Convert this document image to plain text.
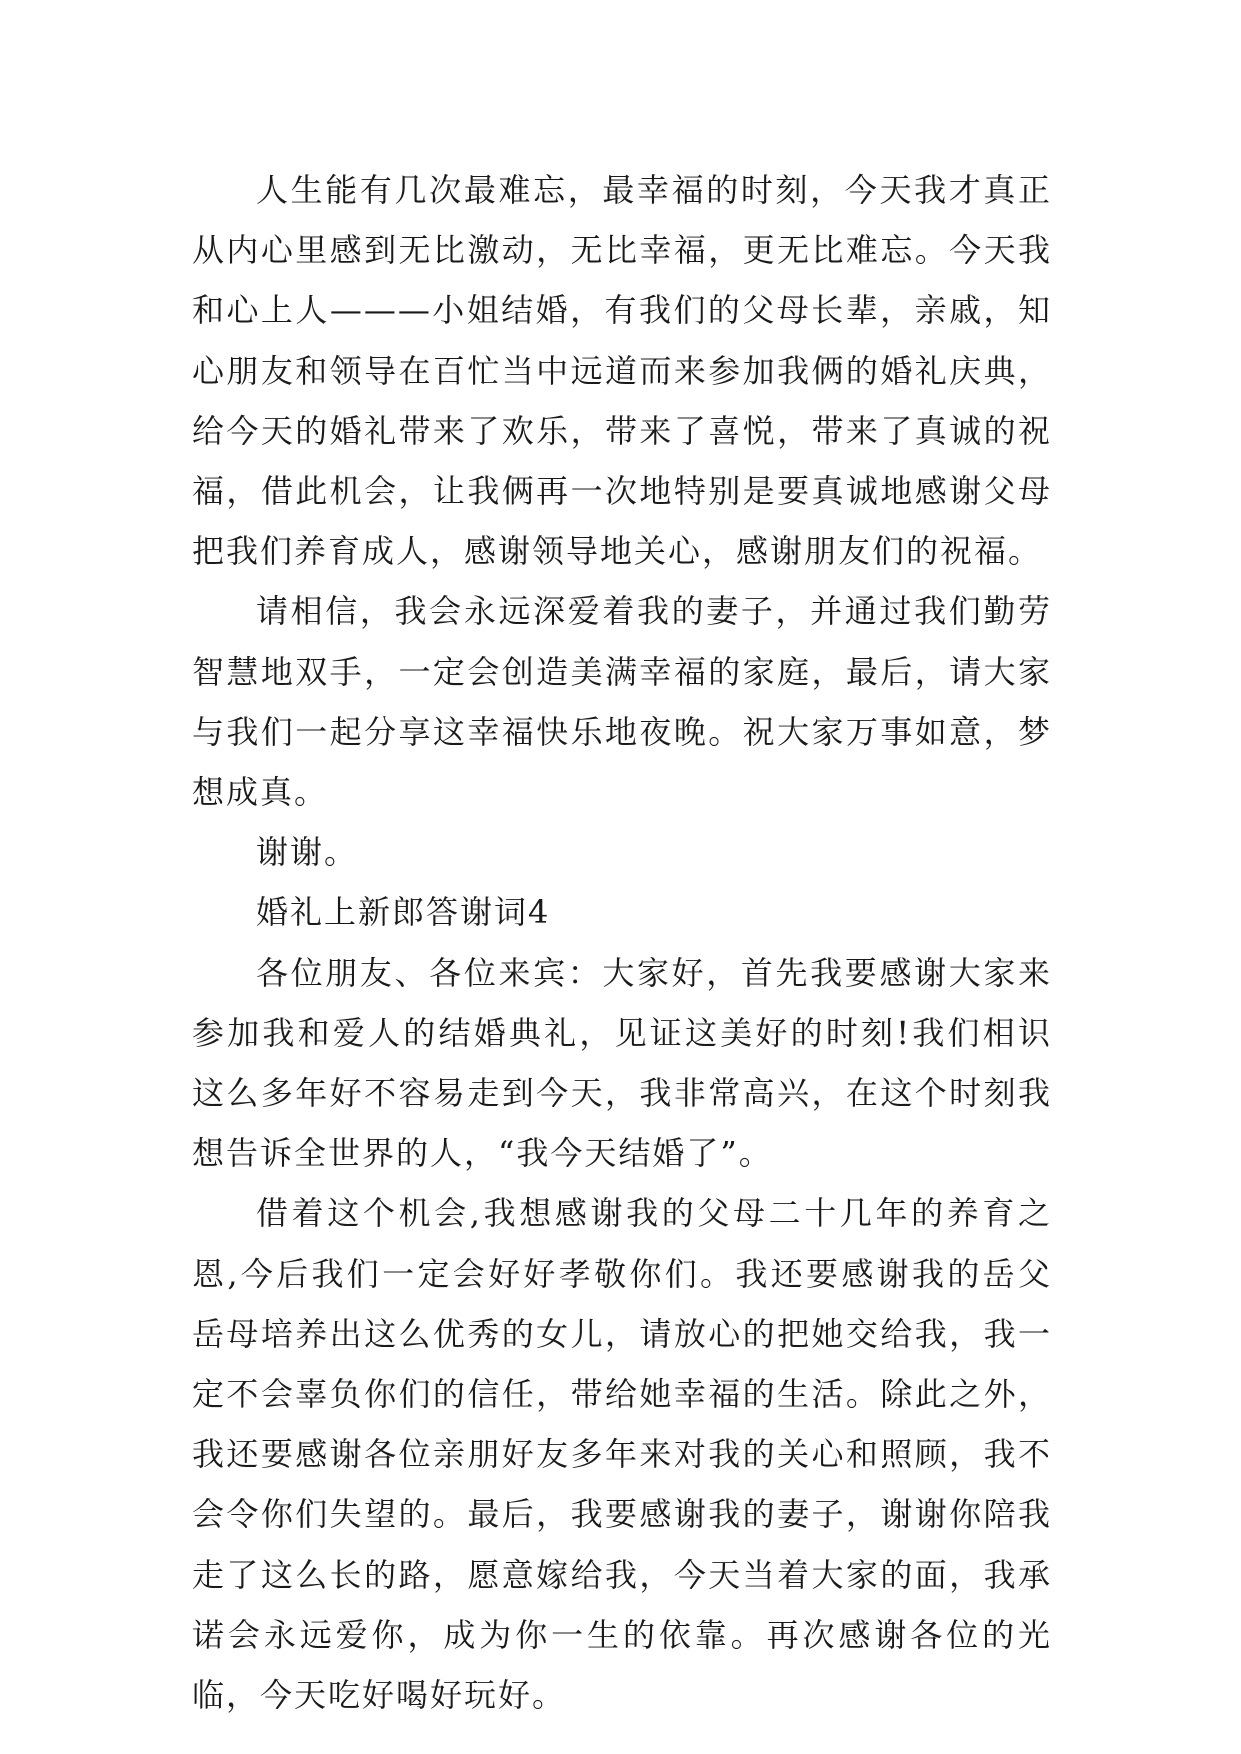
人生能有几次最难忘，最幸福的时刻，今天我才真正从内心里感到无比激动，无比幸福，更无比难忘。今天我和心上人———小姐结婚，有我们的父母长辈，亲戚，知心朋友和领导在百忙当中远道而来参加我俩的婚礼庆典，给今天的婚礼带来了欢乐，带来了喜悦，带来了真诚的祝福，借此机会，让我俩再一次地特别是要真诚地感谢父母把我们养育成人，感谢领导地关心，感谢朋友们的祝福。

请相信，我会永远深爱着我的妻子，并通过我们勤劳智慧地双手，一定会创造美满幸福的家庭，最后，请大家与我们一起分享这幸福快乐地夜晚。祝大家万事如意，梦想成真。

谢谢。

婚礼上新郎答谢词4

各位朋友、各位来宾：大家好，首先我要感谢大家来参加我和爱人的结婚典礼，见证这美好的时刻!我们相识这么多年好不容易走到今天，我非常高兴，在这个时刻我想告诉全世界的人，“我今天结婚了”。

借着这个机会,我想感谢我的父母二十几年的养育之恩,今后我们一定会好好孝敬你们。我还要感谢我的岳父岳母培养出这么优秀的女儿，请放心的把她交给我，我一定不会辜负你们的信任，带给她幸福的生活。除此之外，我还要感谢各位亲朋好友多年来对我的关心和照顾，我不会令你们失望的。最后，我要感谢我的妻子，谢谢你陪我走了这么长的路，愿意嫁给我，今天当着大家的面，我承诺会永远爱你，成为你一生的依靠。再次感谢各位的光临，今天吃好喝好玩好。
